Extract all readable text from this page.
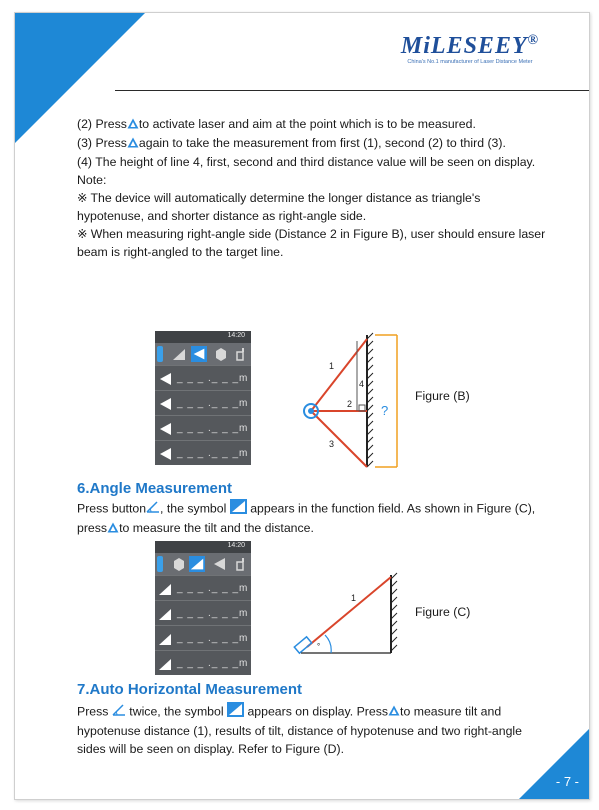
- 7 -
MiLESEEY®
China's No.1 manufacturer of Laser Distance Meter

(2) Press to activate laser and aim at the point which is to be measured.

(3) Press again to take the measurement from first (1), second (2) to third (3).

(4) The height of line 4, first, second and third distance value will be seen on display.

Note:

※ The device will automatically determine the longer distance as triangle's hypotenuse, and shorter distance as right-angle side.

※ When measuring right-angle side (Distance 2 in Figure B), user should ensure laser beam is right-angled to the target line.

14:20
_ _ _ ._ _ _m
_ _ _ ._ _ _m
_ _ _ ._ _ _m
_ _ _ ._ _ _m
1
4
2
3
?
Figure (B)
6.Angle Measurement

Press button , the symbol appears in the function field. As shown in Figure (C), press to measure the tilt and the distance.

14:20
_ _ _ ._ _ _m
_ _ _ ._ _ _m
_ _ _ ._ _ _m
_ _ _ ._ _ _m
°
1
Figure (C)
7.Auto Horizontal Measurement

Press twice, the symbol appears on display. Press to measure tilt and hypotenuse distance (1), results of tilt, distance of hypotenuse and two right-angle sides will be seen on display. Refer to Figure (D).
